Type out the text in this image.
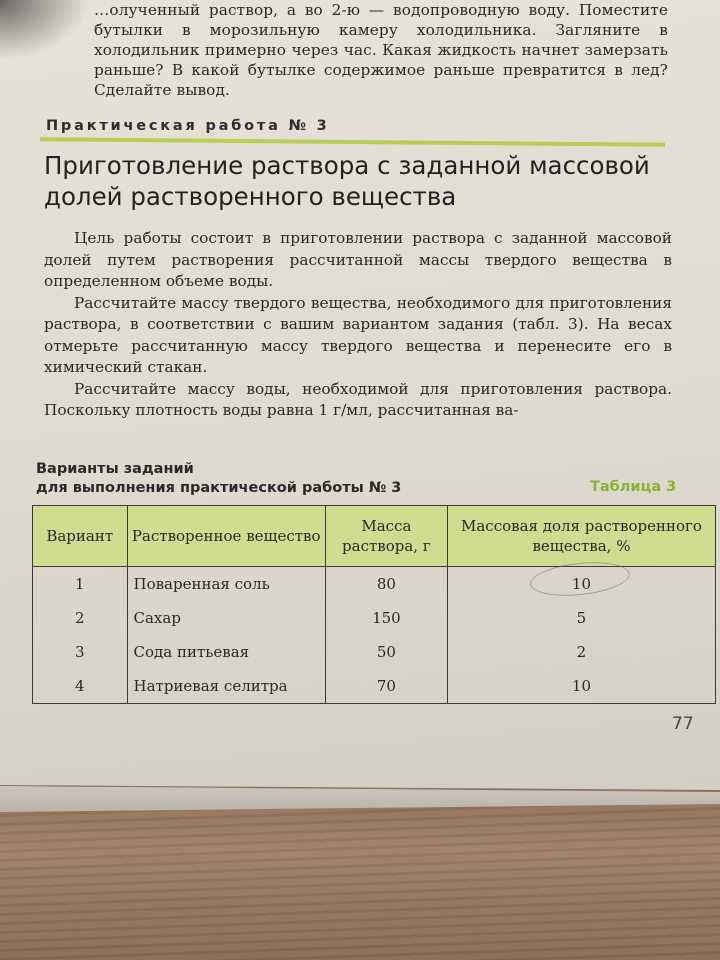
…олученный раствор, а во 2-ю — водопроводную воду. Поместите бутылки в морозильную камеру холодильника. Загляните в холодильник примерно через час. Какая жидкость начнет замерзать раньше? В какой бутылке содержимое раньше превратится в лед? Сделайте вывод.
Практическая работа № 3
Приготовление раствора с заданной массовой долей растворенного вещества

Цель работы состоит в приготовлении раствора с заданной массовой долей путем растворения рассчитанной массы твердого вещества в определенном объеме воды.

Рассчитайте массу твердого вещества, необходимого для приготовления раствора, в соответствии с вашим вариантом задания (табл. 3). На весах отмерьте рассчитанную массу твердого вещества и перенесите его в химический стакан.

Рассчитайте массу воды, необходимой для приготовления раствора. Поскольку плотность воды равна 1 г/мл, рассчитанная ва-

Варианты заданий
для выполнения практической работы № 3	Таблица 3
Вариант	Растворенное вещество	Масса раствора, г	Массовая доля растворенного вещества, %
1	Поваренная соль	80	10
2	Сахар	150	5
3	Сода питьевая	50	2
4	Натриевая селитра	70	10
77
